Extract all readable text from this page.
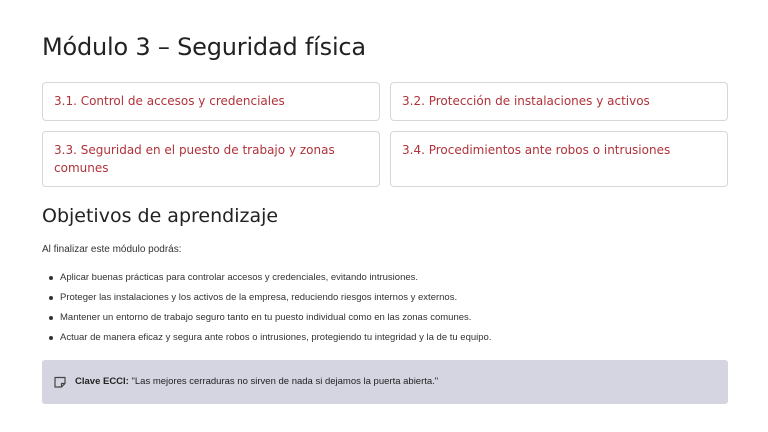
Módulo 3 – Seguridad física
3.1. Control de accesos y credenciales	3.2. Protección de instalaciones y activos
3.3. Seguridad en el puesto de trabajo y zonas comunes
3.4. Procedimientos ante robos o intrusiones
Objetivos de aprendizaje
Al finalizar este módulo podrás:
Aplicar buenas prácticas para controlar accesos y credenciales, evitando intrusiones.
Proteger las instalaciones y los activos de la empresa, reduciendo riesgos internos y externos.
Mantener un entorno de trabajo seguro tanto en tu puesto individual como en las zonas comunes.
Actuar de manera eficaz y segura ante robos o intrusiones, protegiendo tu integridad y la de tu equipo.
Clave ECCI: "Las mejores cerraduras no sirven de nada si dejamos la puerta abierta."
